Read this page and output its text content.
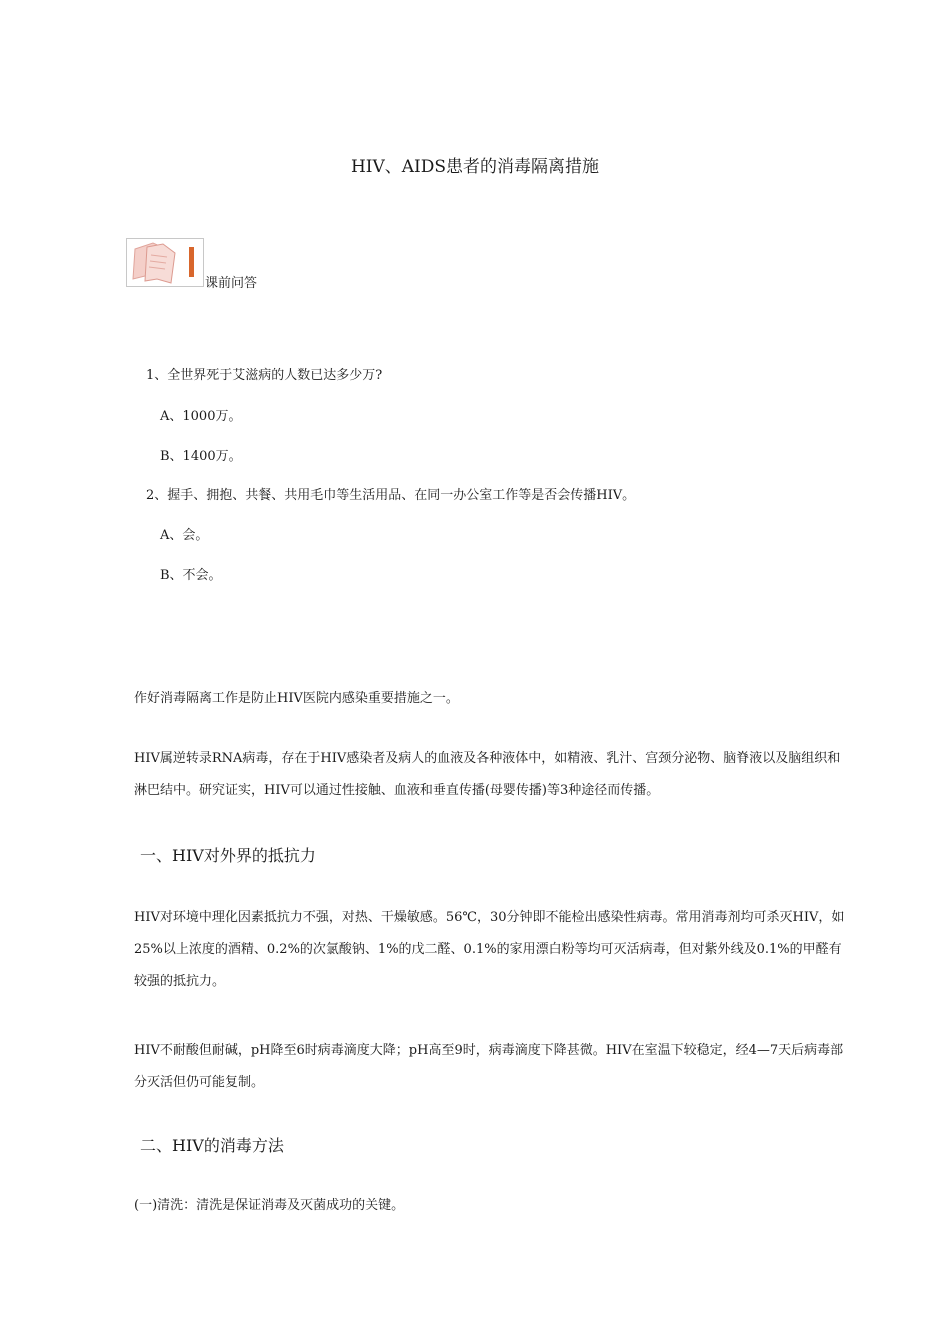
HIV、AIDS患者的消毒隔离措施

课前问答

1、全世界死于艾滋病的人数已达多少万?

A、1000万。

B、1400万。

2、握手、拥抱、共餐、共用毛巾等生活用品、在同一办公室工作等是否会传播HIV。

A、会。

B、不会。

作好消毒隔离工作是防止HIV医院内感染重要措施之一。

HIV属逆转录RNA病毒，存在于HIV感染者及病人的血液及各种液体中，如精液、乳汁、宫颈分泌物、脑脊液以及脑组织和淋巴结中。研究证实，HIV可以通过性接触、血液和垂直传播(母婴传播)等3种途径而传播。

一、HIV对外界的抵抗力

HIV对环境中理化因素抵抗力不强，对热、干燥敏感。56℃，30分钟即不能检出感染性病毒。常用消毒剂均可杀灭HIV，如25%以上浓度的酒精、0.2%的次氯酸钠、1%的戊二醛、0.1%的家用漂白粉等均可灭活病毒，但对紫外线及0.1%的甲醛有较强的抵抗力。

HIV不耐酸但耐碱，pH降至6时病毒滴度大降；pH高至9时，病毒滴度下降甚微。HIV在室温下较稳定，经4—7天后病毒部分灭活但仍可能复制。

二、HIV的消毒方法

(一)清洗：清洗是保证消毒及灭菌成功的关键。
